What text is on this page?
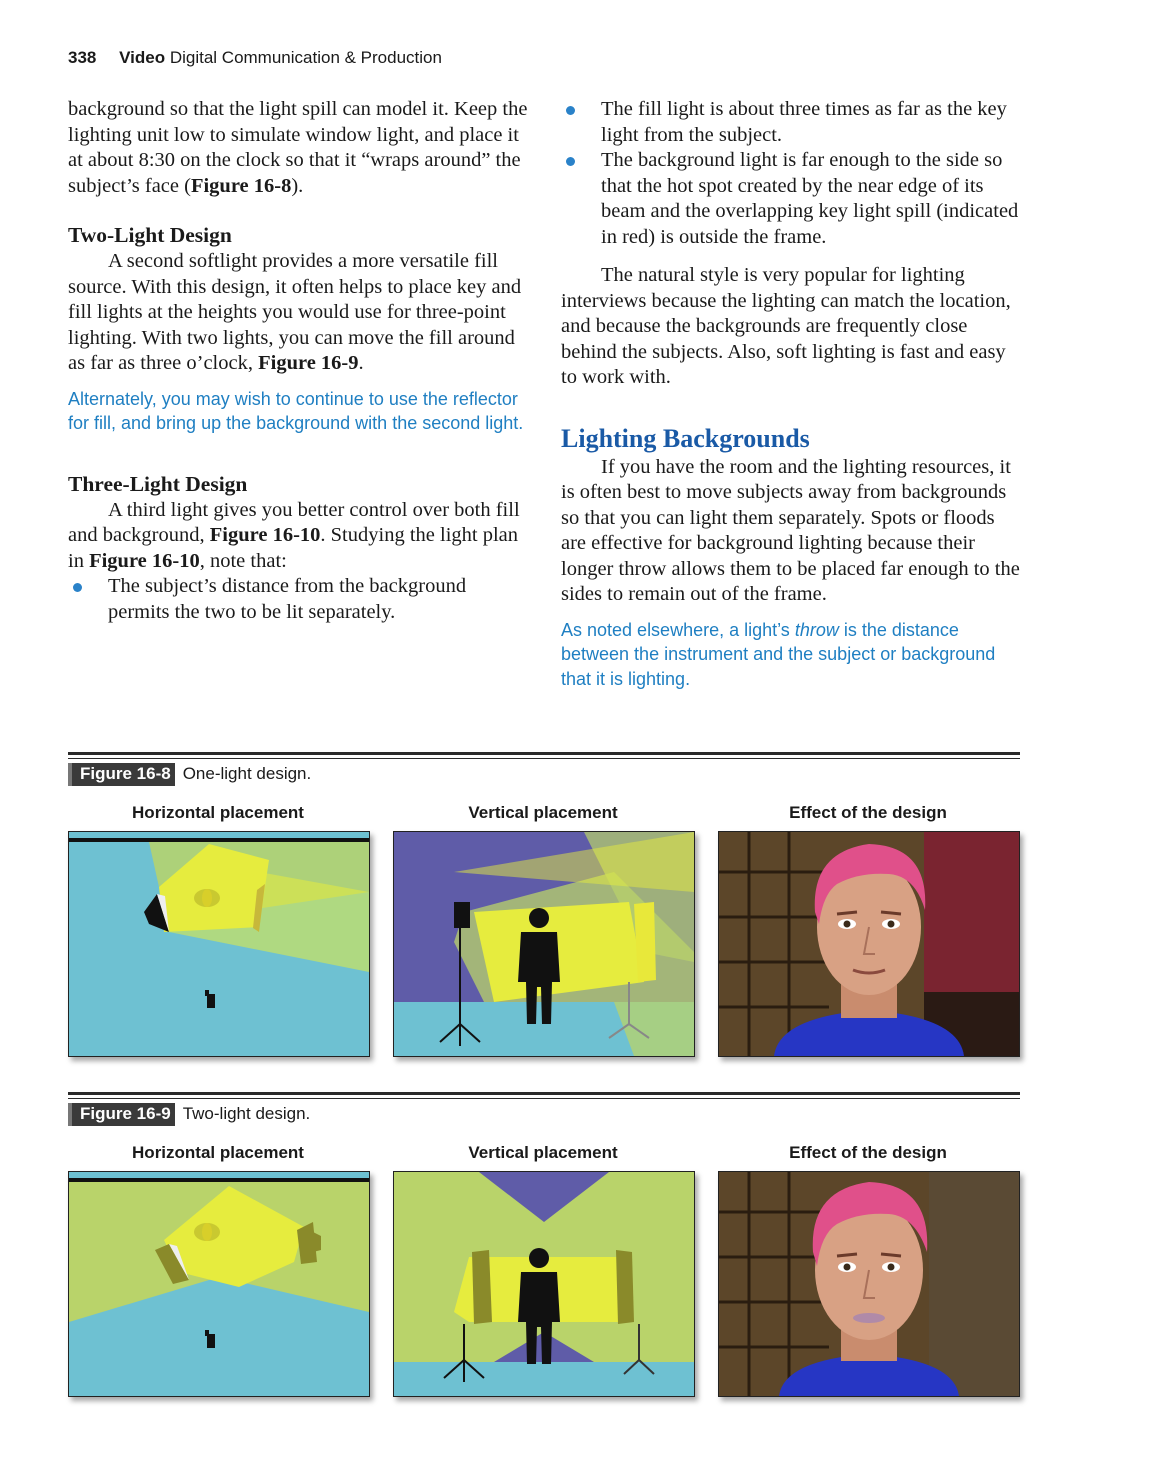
338 Video Digital Communication & Production

background so that the light spill can model it. Keep the lighting unit low to simulate window light, and place it at about 8:30 on the clock so that it “wraps around” the subject’s face (Figure 16-8).

Two-Light Design

A second softlight provides a more versatile fill source. With this design, it often helps to place key and fill lights at the heights you would use for three-point lighting. With two lights, you can move the fill around as far as three o’clock, Figure 16-9.

Alternately, you may wish to continue to use the reflector for fill, and bring up the background with the second light.

Three-Light Design

A third light gives you better control over both fill and background, Figure 16-10. Studying the light plan in Figure 16-10, note that:

The subject’s distance from the background permits the two to be lit separately.
The fill light is about three times as far as the key light from the subject.
The background light is far enough to the side so that the hot spot created by the near edge of its beam and the overlapping key light spill (indicated in red) is outside the frame.

The natural style is very popular for lighting interviews because the lighting can match the location, and because the backgrounds are frequently close behind the subjects. Also, soft lighting is fast and easy to work with.

Lighting Backgrounds

If you have the room and the lighting resources, it is often best to move subjects away from backgrounds so that you can light them separately. Spots or floods are effective for background lighting because their longer throw allows them to be placed far enough to the sides to remain out of the frame.

As noted elsewhere, a light’s throw is the distance between the instrument and the subject or background that it is lighting.

Figure 16-8 One-light design.
Horizontal placement	Vertical placement	Effect of the design
Figure 16-9 Two-light design.
Horizontal placement	Vertical placement	Effect of the design
